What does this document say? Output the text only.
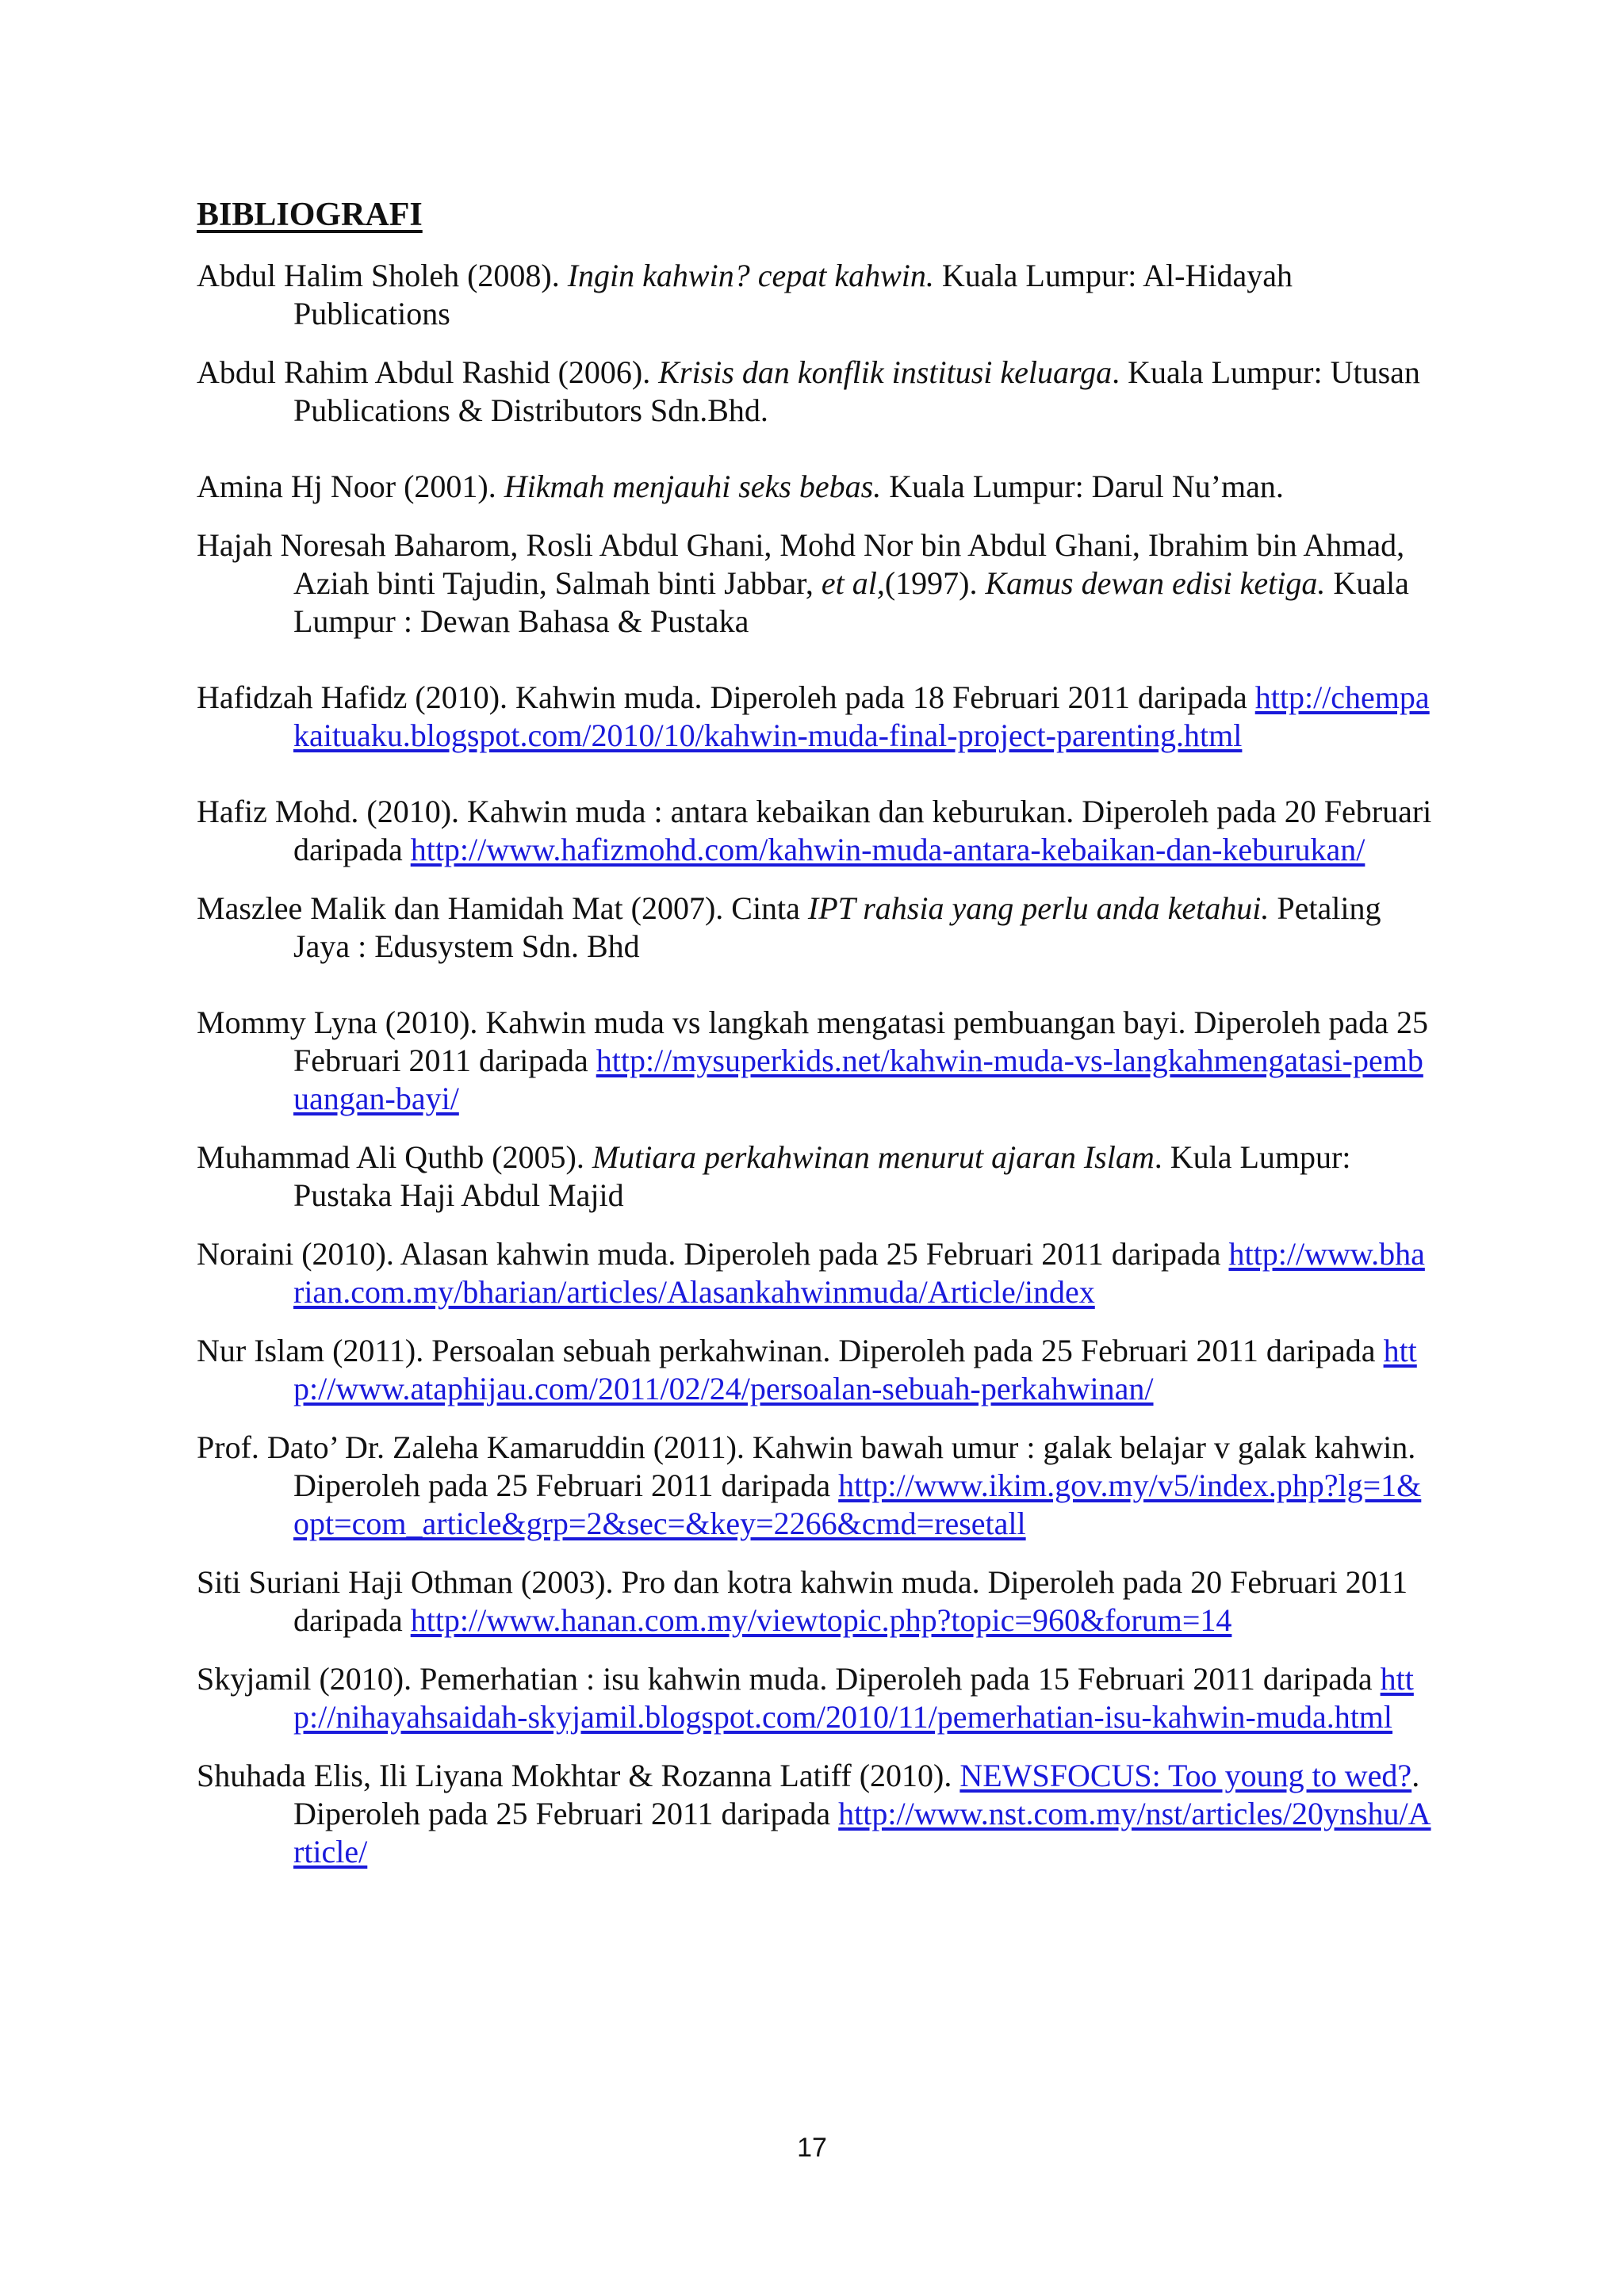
BIBLIOGRAFI

Abdul Halim Sholeh (2008). Ingin kahwin? cepat kahwin. Kuala Lumpur: Al-Hidayah Publications

Abdul Rahim Abdul Rashid (2006). Krisis dan konflik institusi keluarga. Kuala Lumpur: Utusan Publications & Distributors Sdn.Bhd.

Amina Hj Noor (2001). Hikmah menjauhi seks bebas. Kuala Lumpur: Darul Nu’man.

Hajah Noresah Baharom, Rosli Abdul Ghani, Mohd Nor bin Abdul Ghani, Ibrahim bin Ahmad, Aziah binti Tajudin, Salmah binti Jabbar, et al,(1997). Kamus dewan edisi ketiga. Kuala Lumpur : Dewan Bahasa & Pustaka

Hafidzah Hafidz (2010). Kahwin muda. Diperoleh pada 18 Februari 2011 daripada http://chempakaituaku.blogspot.com/2010/10/kahwin-muda-final-project-parenting.html

Hafiz Mohd. (2010). Kahwin muda : antara kebaikan dan keburukan. Diperoleh pada 20 Februari daripada http://www.hafizmohd.com/kahwin-muda-antara-kebaikan-dan-keburukan/

Maszlee Malik dan Hamidah Mat (2007). Cinta IPT rahsia yang perlu anda ketahui. Petaling Jaya : Edusystem Sdn. Bhd

Mommy Lyna (2010). Kahwin muda vs langkah mengatasi pembuangan bayi. Diperoleh pada 25 Februari 2011 daripada http://mysuperkids.net/kahwin-muda-vs-langkahmengatasi-pembuangan-bayi/

Muhammad Ali Quthb (2005). Mutiara perkahwinan menurut ajaran Islam. Kula Lumpur: Pustaka Haji Abdul Majid

Noraini (2010). Alasan kahwin muda. Diperoleh pada 25 Februari 2011 daripada http://www.bharian.com.my/bharian/articles/Alasankahwinmuda/Article/index

Nur Islam (2011). Persoalan sebuah perkahwinan. Diperoleh pada 25 Februari 2011 daripada http://www.ataphijau.com/2011/02/24/persoalan-sebuah-perkahwinan/

Prof. Dato’ Dr. Zaleha Kamaruddin (2011). Kahwin bawah umur : galak belajar v galak kahwin. Diperoleh pada 25 Februari 2011 daripada http://www.ikim.gov.my/v5/index.php?lg=1&opt=com_article&grp=2&sec=&key=2266&cmd=resetall

Siti Suriani Haji Othman (2003). Pro dan kotra kahwin muda. Diperoleh pada 20 Februari 2011 daripada http://www.hanan.com.my/viewtopic.php?topic=960&forum=14

Skyjamil (2010). Pemerhatian : isu kahwin muda. Diperoleh pada 15 Februari 2011 daripada http://nihayahsaidah-skyjamil.blogspot.com/2010/11/pemerhatian-isu-kahwin-muda.html

Shuhada Elis, Ili Liyana Mokhtar & Rozanna Latiff (2010). NEWSFOCUS: Too young to wed?. Diperoleh pada 25 Februari 2011 daripada http://www.nst.com.my/nst/articles/20ynshu/Article/

17
